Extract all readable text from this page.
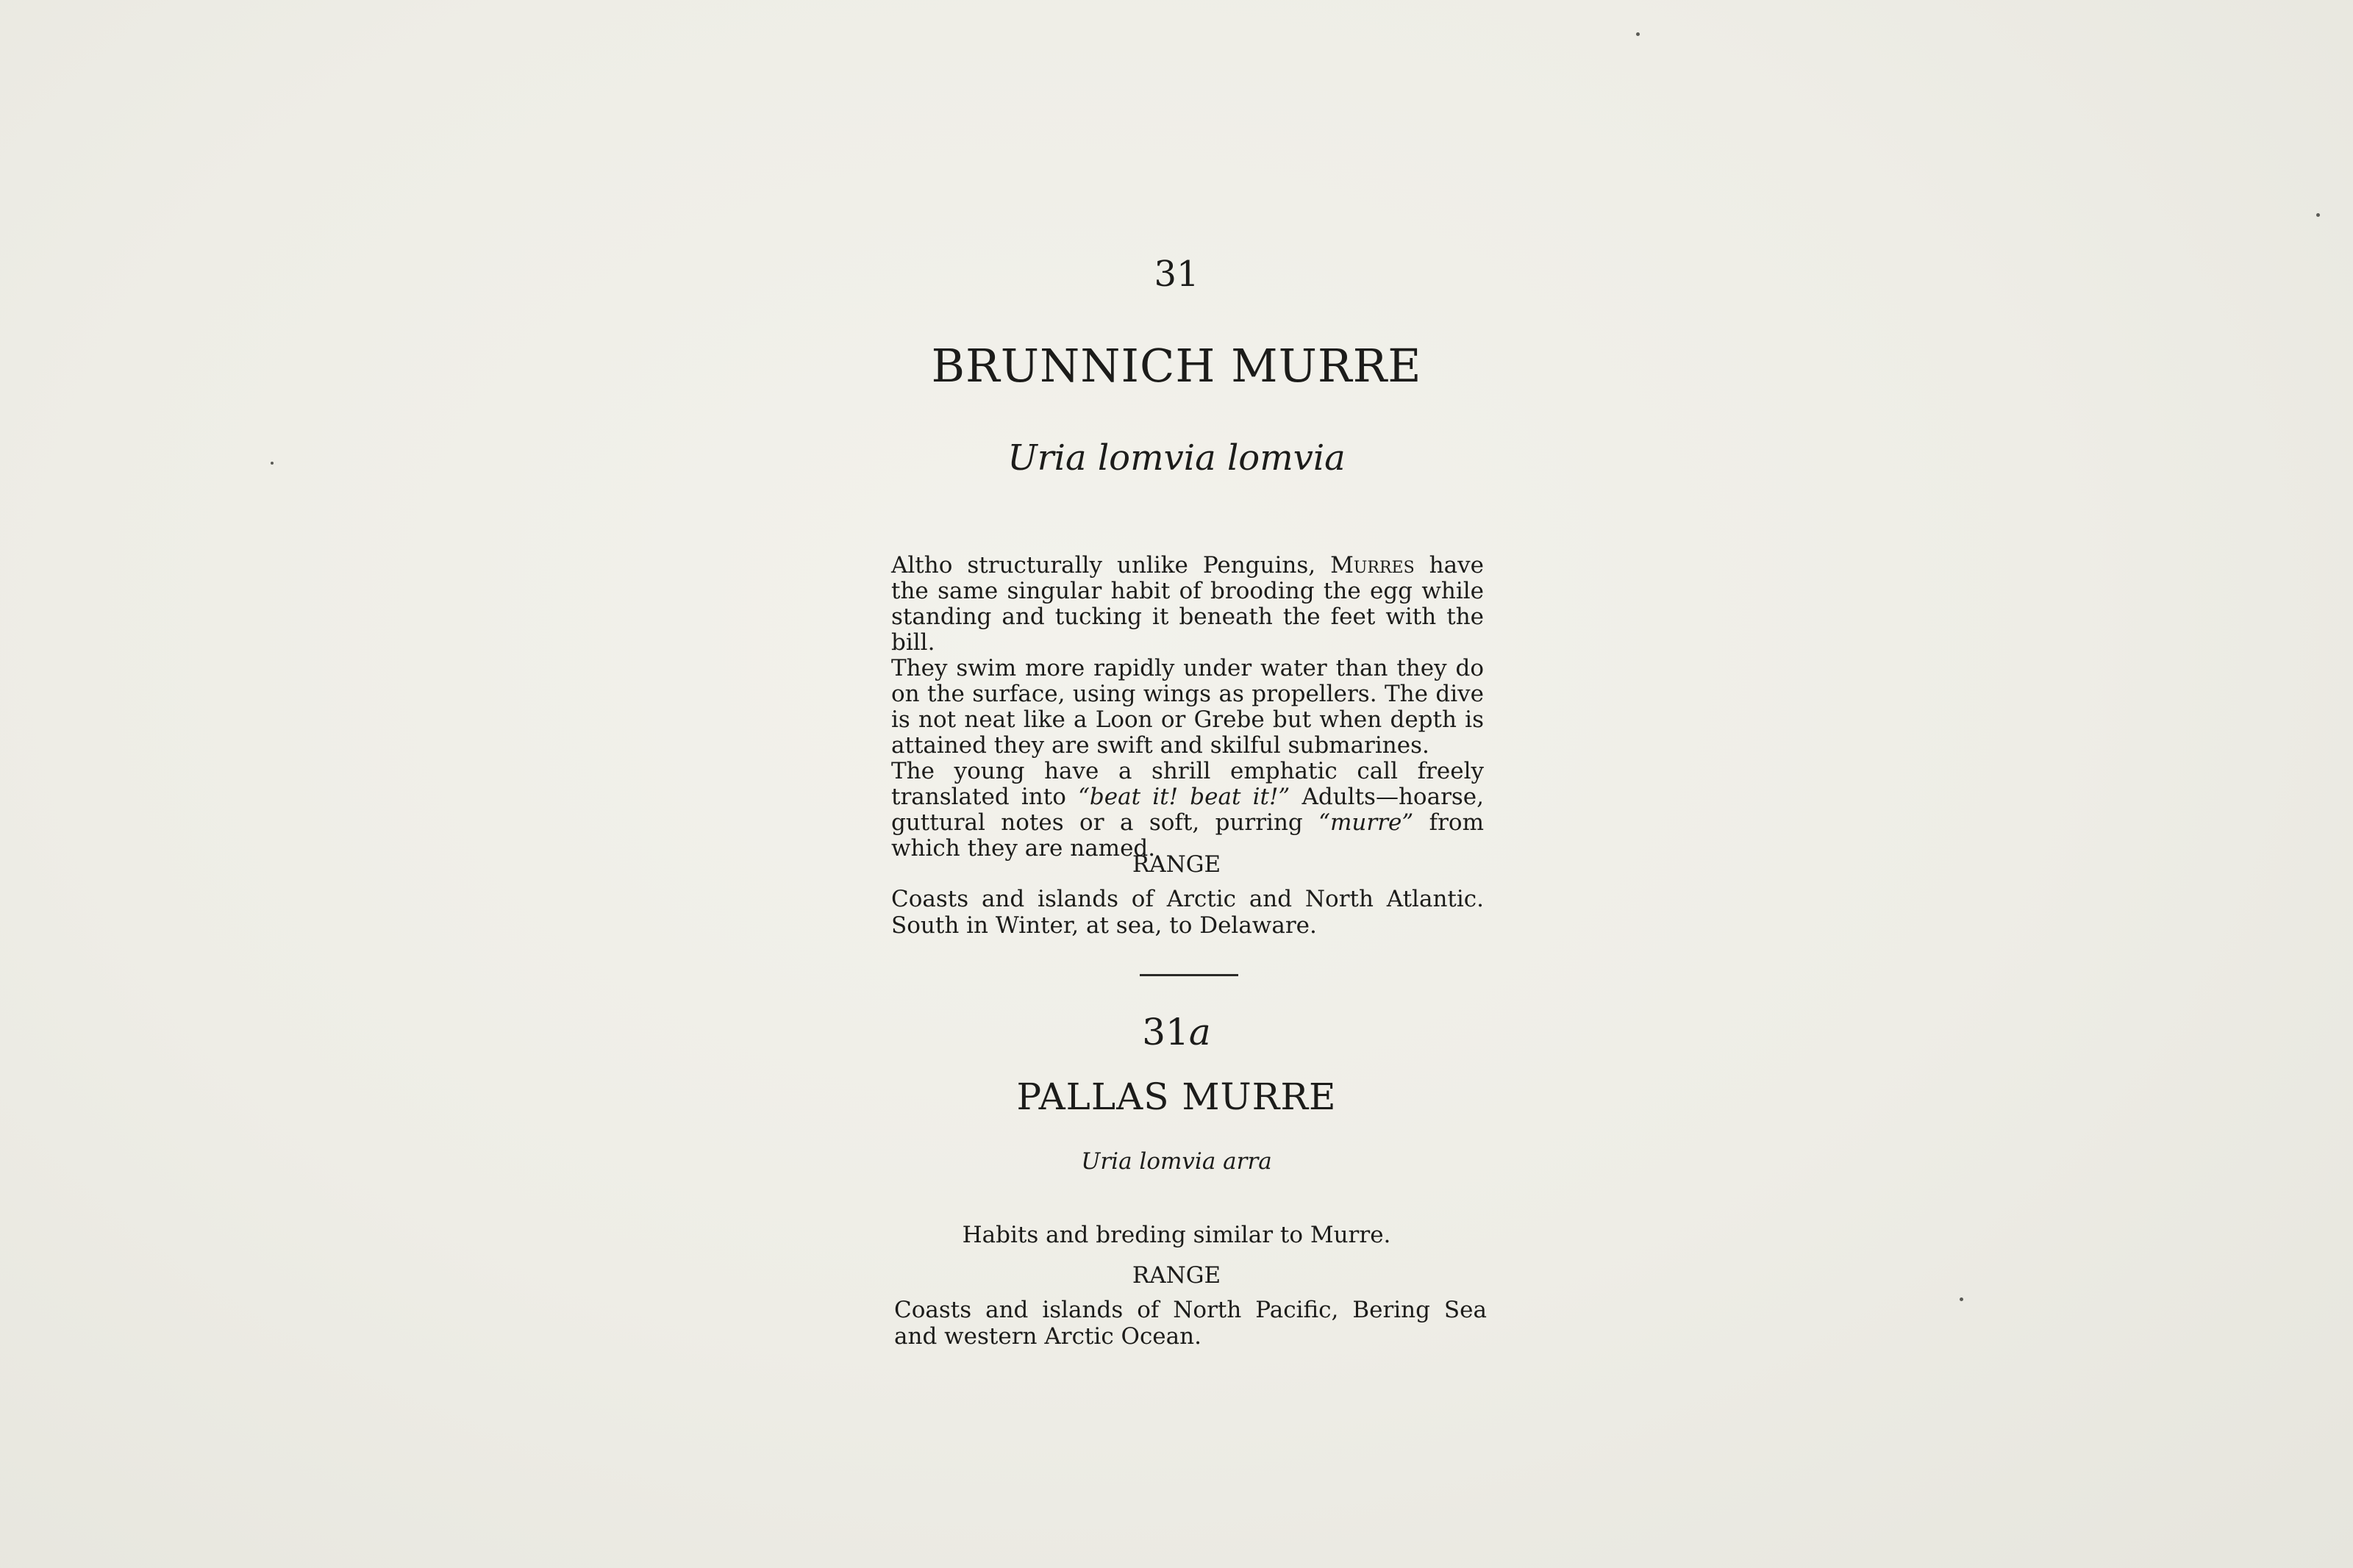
31
BRUNNICH MURRE
Uria lomvia lomvia

Altho structurally unlike Penguins, Murres have the same singular habit of brooding the egg while standing and tucking it beneath the feet with the bill.

They swim more rapidly under water than they do on the surface, using wings as propellers. The dive is not neat like a Loon or Grebe but when depth is attained they are swift and skilful submarines.

The young have a shrill emphatic call freely translated into “beat it! beat it!” Adults—hoarse, guttural notes or a soft, purring “murre” from which they are named.

RANGE
Coasts and islands of Arctic and North Atlantic. South in Winter, at sea, to Delaware.
31a
PALLAS MURRE
Uria lomvia arra
Habits and breding similar to Murre.
RANGE
Coasts and islands of North Pacific, Bering Sea and western Arctic Ocean.
